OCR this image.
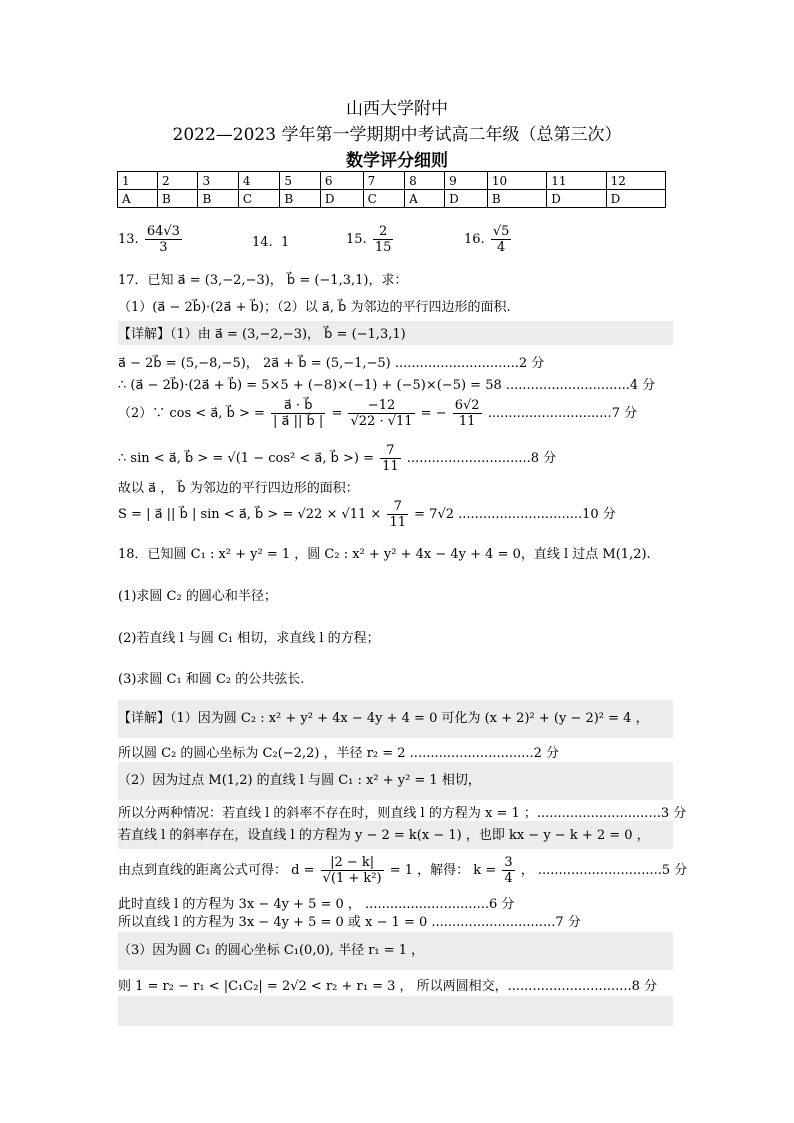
山西大学附中
2022—2023 学年第一学期期中考试高二年级（总第三次）
数学评分细则
1	2	3	4	5	6	7	8	9	10	11	12
A	B	B	C	B	D	C	A	D	B	D	D
13. $\frac{64√3}{3}$	14. 1	15. $\frac{2}{15}$	16. $\frac{√5}{4}$
17．已知 a⃗ = (3,−2,−3)， b⃗ = (−1,3,1)，求：
（1）(a⃗ − 2b⃗)·(2a⃗ + b⃗)；（2）以 a⃗, b⃗ 为邻边的平行四边形的面积.
【详解】（1）由 a⃗ = (3,−2,−3)， b⃗ = (−1,3,1)
a⃗ − 2b⃗ = (5,−8,−5)， 2a⃗ + b⃗ = (5,−1,−5) ..............................2 分
∴ (a⃗ − 2b⃗)·(2a⃗ + b⃗) = 5×5 + (−8)×(−1) + (−5)×(−5) = 58 ..............................4 分
（2）∵ cos < a⃗, b⃗ > = $\frac{a⃗ \cdot b⃗}{| a⃗ || b⃗ |} = \frac{-12}{√22 \cdot √11}$ = − $\frac{6√2}{11} ..............................7$ 分
∴ sin < a⃗, b⃗ > = √(1 − cos² < a⃗, b⃗ >) = $\frac{7}{11} ..............................8$ 分
故以 a⃗ ， b⃗ 为邻边的平行四边形的面积：
S = | a⃗ || b⃗ | sin < a⃗, b⃗ > = $√22 \times √11 \times \frac{7}{11} = 7√2$ ..............................10 分
18．已知圆 C₁ : x² + y² = 1 ，圆 C₂ : x² + y² + 4x − 4y + 4 = 0，直线 l 过点 M(1,2).
(1)求圆 C₂ 的圆心和半径；
(2)若直线 l 与圆 C₁ 相切，求直线 l 的方程；
(3)求圆 C₁ 和圆 C₂ 的公共弦长.
【详解】（1）因为圆 C₂ : x² + y² + 4x − 4y + 4 = 0 可化为 (x + 2)² + (y − 2)² = 4 ，
所以圆 C₂ 的圆心坐标为 C₂(−2,2) ，半径 r₂ = 2 ..............................2 分
（2）因为过点 M(1,2) 的直线 l 与圆 C₁ : x² + y² = 1 相切，
所以分两种情况：若直线 l 的斜率不存在时，则直线 l 的方程为 x = 1 ；..............................3 分
若直线 l 的斜率存在，设直线 l 的方程为 y − 2 = k(x − 1) ，也即 kx − y − k + 2 = 0 ，
由点到直线的距离公式可得： $d = \frac{|2 - k|}{\text{√(1 + k²)}} = 1$ ，解得： $k = \frac{3}{4}$ ， ..............................5 分
此时直线 l 的方程为 3x − 4y + 5 = 0 ， ..............................6 分
所以直线 l 的方程为 3x − 4y + 5 = 0 或 x − 1 = 0 ..............................7 分
（3）因为圆 C₁ 的圆心坐标 C₁(0,0), 半径 r₁ = 1 ，
则 1 = r₂ − r₁ < |C₁C₂| = 2√2 < r₂ + r₁ = 3 ， 所以两圆相交，..............................8 分
